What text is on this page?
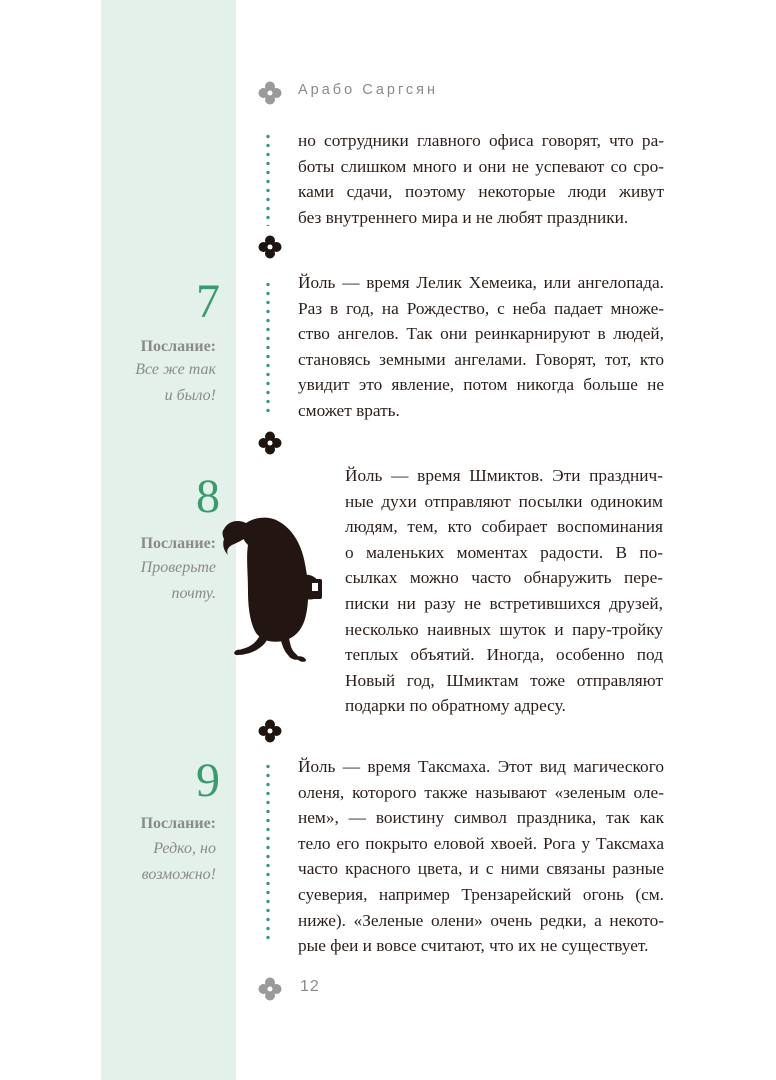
Арабо Саргсян

но сотрудники главного офиса говорят, что ра-

боты слишком много и они не успевают со сро-

ками сдачи, поэтому некоторые люди живут

без внутреннего мира и не любят праздники.

7
Послание:
Все же так
и было!

Йоль — время Лелик Хемеика, или ангелопада.

Раз в год, на Рождество, с неба падает множе-

ство ангелов. Так они реинкарнируют в людей,

становясь земными ангелами. Говорят, тот, кто

увидит это явление, потом никогда больше не

сможет врать.

8
Послание:
Проверьте
почту.

Йоль — время Шмиктов. Эти празднич-

ные духи отправляют посылки одиноким

людям, тем, кто собирает воспоминания

о маленьких моментах радости. В по-

сылках можно часто обнаружить пере-

писки ни разу не встретившихся друзей,

несколько наивных шуток и пару-тройку

теплых объятий. Иногда, особенно под

Новый год, Шмиктам тоже отправляют

подарки по обратному адресу.

9
Послание:
Редко, но
возможно!

Йоль — время Таксмаха. Этот вид магического

оленя, которого также называют «зеленым оле-

нем», — воистину символ праздника, так как

тело его покрыто еловой хвоей. Рога у Таксмаха

часто красного цвета, и с ними связаны разные

суеверия, например Трензарейский огонь (см.

ниже). «Зеленые олени» очень редки, а некото-

рые феи и вовсе считают, что их не существует.

12
